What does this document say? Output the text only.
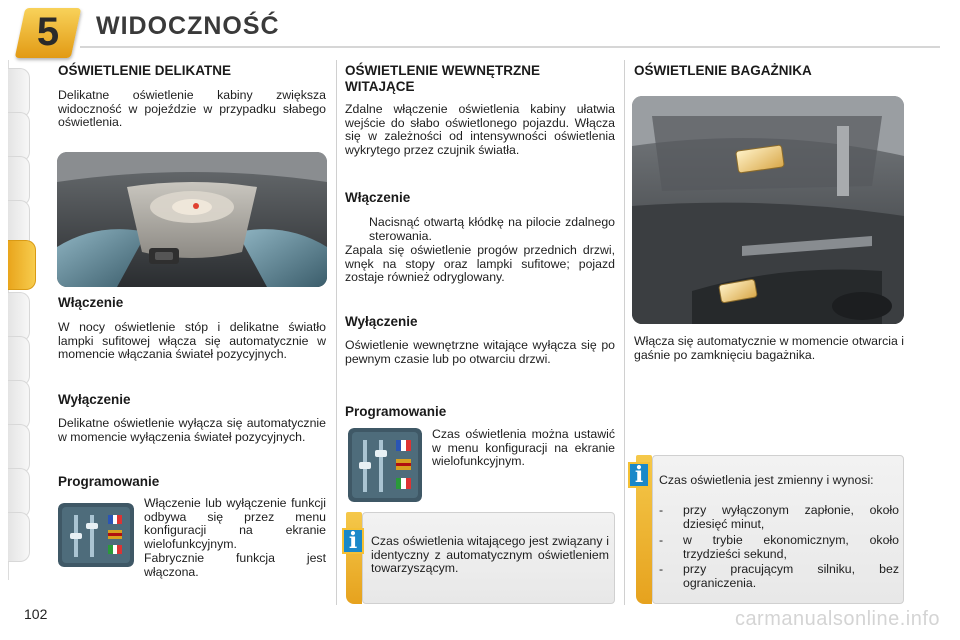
5	WIDOCZNOŚĆ
OŚWIETLENIE DELIKATNE
Delikatne oświetlenie kabiny zwiększa widoczność w pojeździe w przypadku słabego oświetlenia.
Włączenie
W nocy oświetlenie stóp i delikatne światło lampki sufitowej włącza się automatycznie w momencie włączania świateł pozycyjnych.
Wyłączenie
Delikatne oświetlenie wyłącza się automatycznie w momencie wyłączenia świateł pozycyjnych.
Programowanie
Włączenie lub wyłączenie funkcji odbywa się przez menu konfiguracji na ekranie wielofunkcyjnym.
Fabrycznie funkcja jest włączona.
OŚWIETLENIE WEWNĘTRZNE
WITAJĄCE
Zdalne włączenie oświetlenia kabiny ułatwia wejście do słabo oświetlonego pojazdu. Włącza się w zależności od intensywności oświetlenia wykrytego przez czujnik światła.
Włączenie
Nacisnąć otwartą kłódkę na pilocie zdalnego sterowania.
Zapala się oświetlenie progów przednich drzwi, wnęk na stopy oraz lampki sufitowe; pojazd zostaje również odryglowany.
Wyłączenie
Oświetlenie wewnętrzne witające wyłącza się po pewnym czasie lub po otwarciu drzwi.
Programowanie
Czas oświetlenia można ustawić w menu konfiguracji na ekranie wielofunkcyjnym.
Czas oświetlenia witającego jest związany i identyczny z automatycznym oświetleniem towarzyszącym.
i
OŚWIETLENIE BAGAŻNIKA
Włącza się automatycznie w momencie otwarcia i gaśnie po zamknięciu bagażnika.
Czas oświetlenia jest zmienny i wynosi:
- przy wyłączonym zapłonie, około dziesięć minut,
- w trybie ekonomicznym, około trzydzieści sekund,
- przy pracującym silniku, bez ograniczenia.
i
102	carmanualsonline.info
